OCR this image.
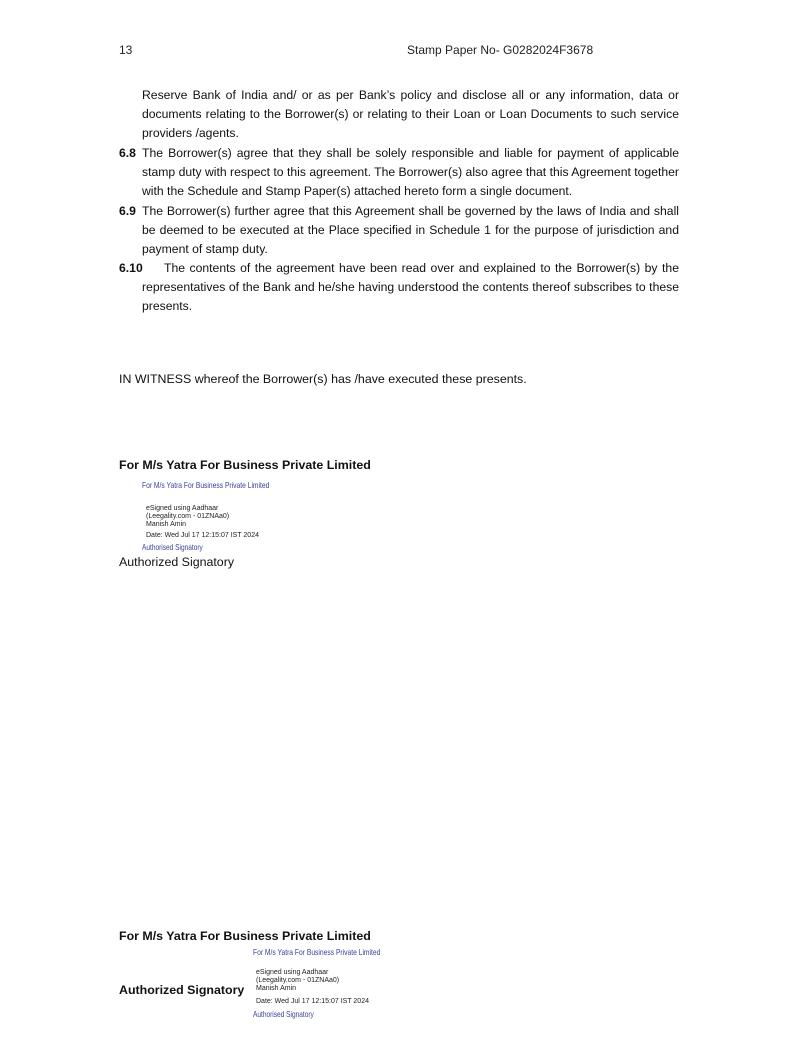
13	Stamp Paper No- G0282024F3678
Reserve Bank of India and/ or as per Bank’s policy and disclose all or any information, data or documents relating to the Borrower(s) or relating to their Loan or Loan Documents to such service providers /agents.
6.8 The Borrower(s) agree that they shall be solely responsible and liable for payment of applicable stamp duty with respect to this agreement. The Borrower(s) also agree that this Agreement together with the Schedule and Stamp Paper(s) attached hereto form a single document.
6.9 The Borrower(s) further agree that this Agreement shall be governed by the laws of India and shall be deemed to be executed at the Place specified in Schedule 1 for the purpose of jurisdiction and payment of stamp duty.
6.10	The contents of the agreement have been read over and explained to the Borrower(s) by the representatives of the Bank and he/she having understood the contents thereof subscribes to these presents.
IN WITNESS whereof the Borrower(s) has /have executed these presents.
For M/s Yatra For Business Private Limited
For M/s Yatra For Business Private Limited
eSigned using Aadhaar
(Leegality.com - 01ZNAa0)
Manish Amin
Date: Wed Jul 17 12:15:07 IST 2024
Authorised Signatory
Authorized Signatory
For M/s Yatra For Business Private Limited
For M/s Yatra For Business Private Limited
eSigned using Aadhaar
(Leegality.com - 01ZNAa0)
Manish Amin
Authorized Signatory
Date: Wed Jul 17 12:15:07 IST 2024
Authorised Signatory
